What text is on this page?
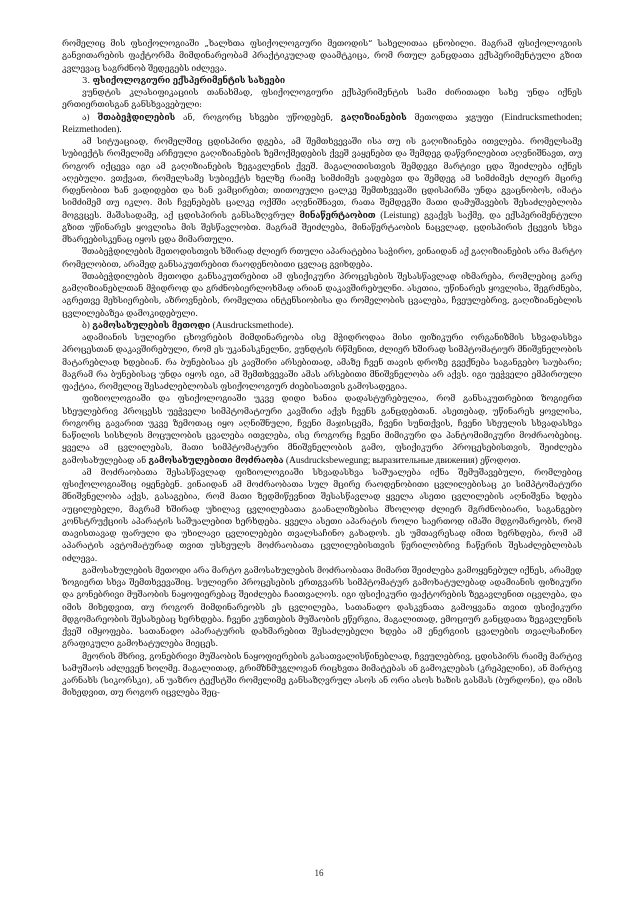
რომელიც მის ფსიქოლოგიაში „ხალხთა ფსიქოლოგიური მეთოდის“ სახელითაა ცნობილი. მაგრამ ფსიქოლოგიის განვითარების ფაქტორმა მიმდინარეობამ პრაქტიკულად დაამტკიცა, რომ რთულ განცდათა ექსპერიმენტული გზით კვლევაც საგრძნობ შედეგებს იძლევა.

3. ფსიქოლოგიური ექსპერიმენტის სახეები

ვუნდტის კლასიფიკაციის თანახმად, ფსიქოლოგიური ექსპერიმენტის სამი ძირითადი სახე უნდა იქნეს ერთიერთისგან განსხვავებული:

ა) შთაბეჭდილების ან, როგორც სხვები უწოდებენ, გაღიზიანების მეთოდთა ჯგუფი (Eindrucksmethoden; Reizmethoden).

ამ სიტუაციად, რომელშიც ცდისპირი დგება, ამ შემთხვევაში ისა თუ ის გაღიზიანება ითვლება. რომელსამე სუბიექტს რომელიმე არჩეული გაღიზიანების ზემოქმედების ქვეშ ვაყენებთ და შემდეგ დაწვრილებით აღვნიშნავთ, თუ როგორ იქცევა იგი ამ გაღიზიანების ზეგავლენის ქვეშ. მაგალითისთვის შემდეგი მარტივი ცდა შეიძლება იქნეს აღებული. ვთქვათ, რომელსამე სუბიექტს ხელზე რაიმე სიმძიმეს ვადებვთ და შემდეგ ამ სიმძიმეს ძლიერ მცირე რდენობით ხან ვადიდებთ და ხან ვამცირებთ; თითოეული ცალკე შემთხვევაში ცდისპირმა უნდა გვაცნობოს, იმატა სიმძიმემ თუ იკლო. მის ჩვენებებს ცალკე ოქმში აღვნიშნავთ, რათა შემდეგში მათი დამუშავების შესაძლებლობა მოგვცეს. მაშასადამე, აქ ცდისპირის განსაზღვრულ მინაწერტაობით (Leistung) გვაქვს საქმე, და ექსპერიმენტული გზით უწინარეს ყოვლისა მის შესწავლობთ. მაგრამ შეიძლება, მინაწერტაობის ნაცვლად, ცდისპირის ქცევის სხვა მხარეებისკენაც იყოს ცდა მიმართული.

შთაბეჭდილების მეთოდისთვის ხშირად ძლიერ რთული აპარატებია საჭირო, ვინაიდან აქ გაღიზიანების არა მარტო რომელობით, არამედ განსაკუთრებით რაოდენობითი ცვლაც გვიხდება.

შთაბეჭდილების მეთოდი განსაკუთრებით ამ ფსიქიკური პროცესების შესასწავლად იხმარება, რომლებიც გარე გამღიზიანებლთან მჭიდროდ და გრძნობიერლოხმად არიან დაკავშირებულნი. ასეთია, უწინარეს ყოვლისა, შეგრძნება, აგრეთვე მეხსიერების, აზროვნების, რომელთა ინტენსიობისა და რომელობის ცვალება, ჩვეულებრივ, გაღიზიანებლის ცვლილებაზეა დამოკიდებული.

ბ) გამოსახულების მეთოდი (Ausdrucksmethode).

ადამიანის სულიერი ცხოვრების მიმდინარეობა ისე მჭიდროდაა მისი ფიზიკური ორგანიზმის სხვადასხვა პროცესთან დაკავშირებული, რომ ეს უკანასკნელნი, ვუნდტის რწმენით, ძლიერ ხშირად სიმპტომატიურ მნიშვნელობის მატარებლად ხდებიან. რა ბუნებისაა ეს კავშირი არსებითად, ამაზე ჩვენ თავის დროზე გვექნება საგანგებო საუბარი; მაგრამ რა ბუნებისაც უნდა იყოს იგი, ამ შემთხვევაში ამას არსებითი მნიშვნელობა არ აქვს. იგი უეჭველი ემპირიული ფაქტია, რომელიც შესაძლებლობას ფსიქოლოგიურ ძიებისათვის გამოსადეგია.

ფიზიოლოგიაში და ფსიქოლოგიაში უკვე დიდი ხანია დადასტურებულია, რომ განსაკუთრებით ზოგიერთ სხეულებრივ პროცესს უეჭველი სიმპტომატიური კავშირი აქვს ჩვენს განცდებთან. ასეთებად, უწინარეს ყოვლისა, როგორც გავარით უკვე ზემოთაც იყო აღნიშნული, ჩვენი მაჯისცემა, ჩვენი სუნთქვის, ჩვენი სხეულის სხვადასხვა ნაწილის სისხლის მოცულობის ცვალება ითვლება, ისე როგორც ჩვენი მიმიკური და პანტომიმიკური მოძრაობებიც. ყველა ამ ცვლილებას, მათი სიმპტომატური მნიშვნელობის გამო, ფსიქიკური პროცესებისთვის, შეიძლება გამოსახულებად ან გამოსახულებითი მოძრაობა (Ausdrucksbewegung; выразительные движения) ეწოდოთ.

ამ მოძრაობათა შესასწავლად ფიზიოლოგიაში სხვადასხვა საშუალება იქნა შემუშავებული, რომლებიც ფსიქოლოგიაშიც იყენებენ. ვინაიდან ამ მოძრაობათა სულ მცირე რაოდენობითი ცვლილებისაც კი სიმპტომატური მნიშვნელობა აქვს, გასაგებია, რომ მათი ზედმიწევნით შესასწავლად ყველა ასეთი ცვლილების აღნიშვნა ხდება აუცილებელი, მაგრამ ხშირად უხილავ ცვლილებათა გაანალიზებისა მხოლოდ ძლიერ მგრძნობიარი, საგანგებო კონსტრუქციის აპარატის საშუალებით ხერხდება. ყველა ასეთი აპარატის როლი საერთოდ იმაში მდგომარეობს, რომ თავისთავად ფარული და უხილავი ცვლილებები თვალსაჩინო გახადოს. ეს უმთავრესად იმით ხერხდება, რომ ამ აპარატის ავტომატურად თვით უსხეულს მოძრაობათა ცვლილებისთვის წერილობრივ ჩაწერის შესაძლებლობას იძლევა.

გამოსახულების მეთოდი არა მარტო გამოსახულების მოძრაობათა მიმართ შეიძლება გამოყენებულ იქნეს, არამედ ზოგიერთ სხვა შემთხვევაშიც. სულიერი პროცესების ერთგვარს სიმპტომატურ გამოხატულებად ადამიანის ფიზიკური და გონებრივი მუშაობის ნაყოფიერებაც შეიძლება ჩაითვალოს. იგი ფსიქიკური ფაქტორების ზეგავლენით იცვლება, და იმის მიხედვით, თუ როგორ მიმდინარეობს ეს ცვლილება, სათანადო დასკვნათა გამოყვანა თვით ფსიქიკური მდგომარეობის შესახებაც ხერხდება. ჩვენი კუნთების მუშაობის ეწერგია, მაგალითად, ემოციურ განცდათა ზეგავლენის ქვეშ იმყოფება. სათანადო აპარატურის დახმარებით შესაძლებელი ხდება ამ ენერგიის ცვალების თვალსაჩინო გრაფიკული გამოხატულება მიეცეს.

მეორის მხრივ, გონებრივი მუშაობის ნაყოფიერების გასათვალისწინებლად, ჩვეულებრივ, ცდისპირს რაიმე მარტივ სამუშაოს აძლევენ ხოლმე. მაგალითად, გრიმზნმუგლოვან რიცხვთა მიმატებას ან გამოკლებას (კრეპელინი), ან მარტივ კარნახს (სიკორსკი), ან უაზრო ტექსტში რომელიმე განსაზღვრულ ასოს ან ორი ასოს ხაზის გასმას (ბურდონი), და იმის მიხედვით, თუ როგორ იცვლება შეც-

16
